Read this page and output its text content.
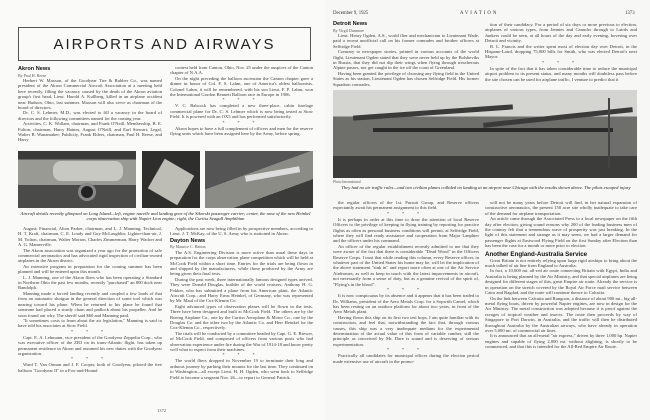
AIRPORTS AND AIRWAYS
Akron News
By Paul H. Reese

Herbert W. Maxson, of the Goodyear Tire & Rubber Co., was named president of the Akron Commercial Aircraft Association at a meeting held here recently, filling the vacancy caused by the death of the Akron aviation group's first head, Lieut. Harold A. Kullberg, killed in an airplane accident near Hudson, Ohio, last summer. Maxson will also serve as chairman of the board of directors.

Dr. C. S. Lehmer, M.D., was elected to fill a vacancy in the board of directors and the following committees named for the coming year.

Activities, C. K. Wollam, chairman, and Frank O'Neill, Membership, B. E. Fulton, chairman, Harry Haines, August O'Neill, and Earl Stewart; Legal, Walter B. Wanamaker; Publicity, Frank Ehlers, chairman, Paul H. Reese, and Harry

contest held from Canton, Ohio, Nov. 25 under the auspices of the Canton chapter of N.A.A.

On the night preceding the balloon ascension the Canton chapter gave a dinner in honor of Col. F. S. Lahm, one of America's oldest balloonists. Colonel Lahm, it will be remembered, with his son Lieut. F. P. Lahm, won the International Gordon Bennett Balloon race in Europe in 1906.

* * *

V. C. Babcock has completed a new three-place, cabin fuselage commercial plane for Dr. C. S. Lehmer which is now being tested at Stow Field. It is powered with an OX5 and has performed satisfactorily.

* * *

Akron hopes to have a full complement of officers and men for the reserve flying units which have been assigned here by the Army, before spring.

Aircraft details recently glimpsed on Long Island—left, engine nacelle and landing gear of the Sikorski passenger carrier; center, the nose of the new Heinkel corps observation ship with Napier Lion engine; right, the Curtiss Seagull Amphibian

August; Financial, Alton Parker, chairman, and L. J. Manning; Technical, H. T. Kraft, chairman, C. E. Loudy and Guy McLaughlin; Lighter-than-air, J. M. Yolton, chairman, Walter Morton, Charles Zimmerman, Harry Wacker and A. G. Mamerville.

The Akron association was organized a year ago for the promotion of safe commercial aeronautics and has advocated rigid inspection of civilian-owned airplanes in the Akron district.

An extensive program in preparation for the coming summer has been planned and will be entered upon this month.

L. J. Manning, one of the Akron fliers who has been operating a Standard in Northern Ohio the past few months, recently "purchased" an 800 dock near Randolph.

Manning made a forced landing recently and coupled a few loads of that from an automatic shotgun in the general direction of some tool which was nearing toward his plane. When he returned to his plane he found that someone had placed a sturdy chain and padlock about his propeller. And he soon found out why. The sheriff said $60 and Manning paid.

"It sometimes costs to learn about the air legislation," Manning is said to have told his associates at Stow Field.

* * *

Capt. E. A. Lehmann, vice president of the Goodyear Zeppelin Corp., who was executive officer of the ZR3 on its trans-Atlantic flight, has taken up permanent residence in Akron and assumed his new duties with the Goodyear organization.

* * *

Ward T. Van Orman and J. F. Cooper, both of Goodyear, piloted the free balloon "Goodyear II" in a Fox-and-Hound

Applications are now being filled in by prospective members, according to Lieut. J. T. McKay, of the U. S. Army who is stationed in Akron.

Dayton News
By Maurice C. Hatton

The A.S. Engineering Division is more active than usual these days in preparation for the corps observation plane competition which will be held at McCook Field within a short time. Entries for the trials are being flown in and shipped by the manufacturers, while those produced by the Army are being given their final tests.

During the past week, three internationally famous designed types arrived. They were Donald Douglas, builder of the world cruisers; Anthony H. G. Fokker, who has submitted a plane from his American plant, the Atlantic Aircraft Corp.; and Harry Ernst Heinkel, of Germany, who was represented by Mr. Maul of the Cox-Klemin Co.

Eight advanced types of observation planes will be flown in the tests. Three have been designed and built at McCook Field. The others are by the Boeing Airplane Co., one by the Curtiss Aeroplane & Motor Co., one by the Douglas Co. and the other two by the Atlantic Co. and Herr Heinkel for the Cox-Klemin Co., respectively.

The trials will be conducted by a committee headed by Capt. G. E. Brewer, of McCook Field, and composed of officers from various posts who had observation experience under fire during the War of 1914-18 and know pretty well what to expect from their machines.

* * *

The world fliers dropped in November 19 to terminate their long and arduous journey by parking their mounts for the last time. They continued on to Washington—all except Lieut. H. H. Ogden, who went back to Selfridge Field to become a sergeant Nov. 26—to report to General Patrick.

1372
December 9, 1925	AVIATION	1373
Detroit News
By Virgil Dunmore

Lieut. Henry Ogden, A.S., world flier and mechanician to Lieutenant Wade, paid a recent unofficial call on his former comrades and brother officers at Selfridge Field.

Contrary to newspaper stories, printed in various accounts of the world flight, Lieutenant Ogden stated that they were never held up by the Bolsheviks in Russia, that they did not dip their wings when flying through treacherous Alpine passes, nor get caught in the ice off the coast of Greenland.

Having been granted the privilege of choosing any flying field in the United States as his station, Lieutenant Ogden has chosen Selfridge Field. His former Squadron comrades,

tion of their candidacy. For a period of six days or more previous to election, airplanes of various types, from Jennies and Canucks through to Lairds and Junkers could be seen, at all hours of the day and early evening, hovering over Detroit and vicinity.

R. L. Francis and the writer spent most of election day over Detroit, in the Hispano-Laird, dropping 75,000 bills for Smith, who was elected Detroit's next Mayor.

* * *

In spite of the fact that it has taken considerable time to reduce the municipal airport problem to its present status, and many months will doubtless pass before the site chosen can be used for airplane traffic, I venture to predict that it

Photo International
They had no air traffic rules—and two civilian planes collided on landing at an airport near Chicago with the results shown above. The pilots escaped injury

the regular officers of the 1st. Pursuit Group, and Reserve officers expectantly await his permanent assignment to this field.

* * *

It is perhaps in order at this time to draw the attention of local Reserve Officers to the privilege of keeping in flying training by reporting for practice flights as often as personal business conditions will permit, at Selfridge Field, where they will find ready assistance and cooperation from Major Lanphier and the officers under his command.

An officer of the regular establishment recently admitted to me that they were aware of the fact that there is considerable "Dead Wood" in the Officers Reserve Corps. I trust that while reading this column, every Reserve officer, in whatever part of the United States his home may be, will let the implication of the above statement "sink in" and report more often at one of the Air Service Airdromes, as well as keep in touch with the latest improvements in aircraft, not necessarily from a sense of duty, but as a genuine revival of the spirit of, "Flying's in the blood".

* * *

It is now conspicuous by its absence and it appears that it has been traded to Dr. Williams, president of the Aero Metals Corp. for a Sopwith Camel, which has been resting on an outdoor platform for about two years, in front of the Aero Metals plant.

Having flown this ship on its first two test hops, I am quite familiar with its construction, and feel that, notwithstanding the fact that, through various causes, this ship was a very inadequate medium for the experimental determination of the actual value of this form of variable camber, still the principle as conceived by Mr. Dare is sound and is deserving of serious experimentation.

* * *

Practically all candidates for municipal offices during the election period made extensive use of aircraft in the promo-

will not be many years before Detroit will find, in her natural expansion of constructive aeronautics, the present 150 acre site wholly inadequate to take care of the demand for airplane transportation.

An article came through the Associated Press to a local newspaper on the fifth day after election, giving sound reasons why 200 of the leading business men of the country felt that a tremendous wave of prosperity was just breaking. In the light of this statement and strange as it may seem, we had a larger demand for passenger flights at Eastwood Flying Field on the first Sunday after Election than has been the case for a month or more prior to election.

Another England-Australia Service

Great Britain is not entirely relying upon large rigid airships to bring about the much talked of air line from England to Australia.

In fact, a 10,000 mi. all-red air route connecting Britain with Egypt, India and Australia is being planned by the Air Ministry, and that special airplanes are being designed for different stages of this, great Empire air route. Already the service is in operation on the stretch covered by the Royal Air Force mail service between Cairo and Bagdad, and the route will continue thence to Calcutta.

On the link between Calcutta and Rangoon, a distance of about 900 mi., big all-metal flying boats, driven by powerful Napier engines, are now in design for the Air Ministry. The metal construction was adopted because it is proof against the ravages of tropical weather and insects. The route then proceeds by way of Singapore to Port Darwin, in Australia, and the traffic will then be distributed throughout Australia by the Australian airways, who have already in operation over 5,000 mi. of commercial air lines.

It is announced that an all-metal "air express," driven by three 1,000 hp. Napier engines and capable of flying 2,000 mi. without alighting, is shortly to be commenced, and that this is intended for the All-Red Empire Air Route.
